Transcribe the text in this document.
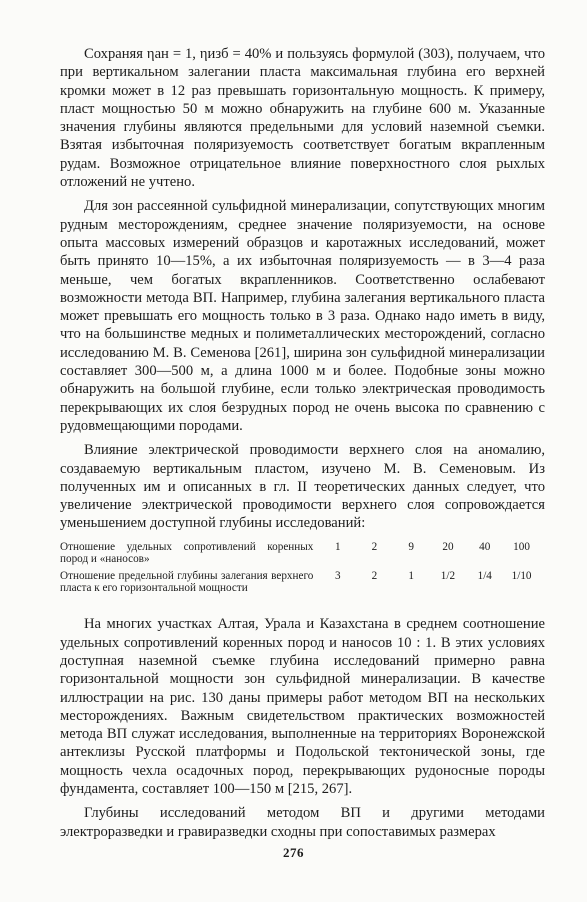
Сохраняя ηан = 1, ηизб = 40% и пользуясь формулой (303), получаем, что при вертикальном залегании пласта максимальная глубина его верхней кромки может в 12 раз превышать горизонтальную мощность. К примеру, пласт мощностью 50 м можно обнаружить на глубине 600 м. Указанные значения глубины являются предельными для условий наземной съемки. Взятая избыточная поляризуемость соответствует богатым вкрапленным рудам. Возможное отрицательное влияние поверхностного слоя рыхлых отложений не учтено.

Для зон рассеянной сульфидной минерализации, сопутствующих многим рудным месторождениям, среднее значение поляризуемости, на основе опыта массовых измерений образцов и каротажных исследований, может быть принято 10—15%, а их избыточная поляризуемость — в 3—4 раза меньше, чем богатых вкрапленников. Соответственно ослабевают возможности метода ВП. Например, глубина залегания вертикального пласта может превышать его мощность только в 3 раза. Однако надо иметь в виду, что на большинстве медных и полиметаллических месторождений, согласно исследованию М. В. Семенова [261], ширина зон сульфидной минерализации составляет 300—500 м, а длина 1000 м и более. Подобные зоны можно обнаружить на большой глубине, если только электрическая проводимость перекрывающих их слоя безрудных пород не очень высока по сравнению с рудовмещающими породами.

Влияние электрической проводимости верхнего слоя на аномалию, создаваемую вертикальным пластом, изучено М. В. Семеновым. Из полученных им и описанных в гл. II теоретических данных следует, что увеличение электрической проводимости верхнего слоя сопровождается уменьшением доступной глубины исследований:

Отношение удельных сопротивлений коренных пород и «наносов»	1	2	9	20	40	100
Отношение предельной глубины залегания верхнего пласта к его горизонтальной мощности	3	2	1	1/2	1/4	1/10

На многих участках Алтая, Урала и Казахстана в среднем соотношение удельных сопротивлений коренных пород и наносов 10 : 1. В этих условиях доступная наземной съемке глубина исследований примерно равна горизонтальной мощности зон сульфидной минерализации. В качестве иллюстрации на рис. 130 даны примеры работ методом ВП на нескольких месторождениях. Важным свидетельством практических возможностей метода ВП служат исследования, выполненные на территориях Воронежской антеклизы Русской платформы и Подольской тектонической зоны, где мощность чехла осадочных пород, перекрывающих рудоносные породы фундамента, составляет 100—150 м [215, 267].

Глубины исследований методом ВП и другими методами электроразведки и гравиразведки сходны при сопоставимых размерах

276
